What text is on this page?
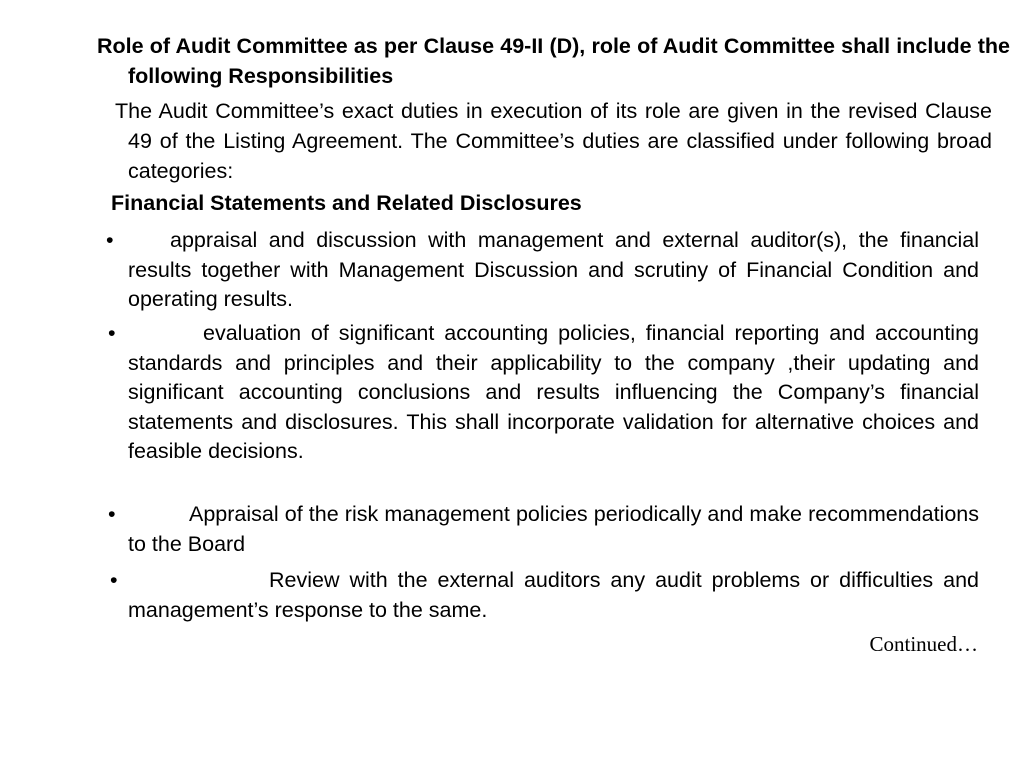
Role of Audit Committee as per Clause 49-II (D), role of Audit Committee shall include the following Responsibilities

The Audit Committee’s exact duties in execution of its role are given in the revised Clause 49 of the Listing Agreement. The Committee’s duties are classified under following broad categories:

Financial Statements and Related Disclosures

•	appraisal and discussion with management and external auditor(s), the financial results together with Management Discussion and scrutiny of Financial Condition and operating results.

•	evaluation of significant accounting policies, financial reporting and accounting standards and principles and their applicability to the company ,their updating and significant accounting conclusions and results influencing the Company’s financial statements and disclosures. This shall incorporate validation for alternative choices and feasible decisions.

•	Appraisal of the risk management policies periodically and make recommendations to the Board

•	Review with the external auditors any audit problems or difficulties and management’s response to the same.

Continued…
